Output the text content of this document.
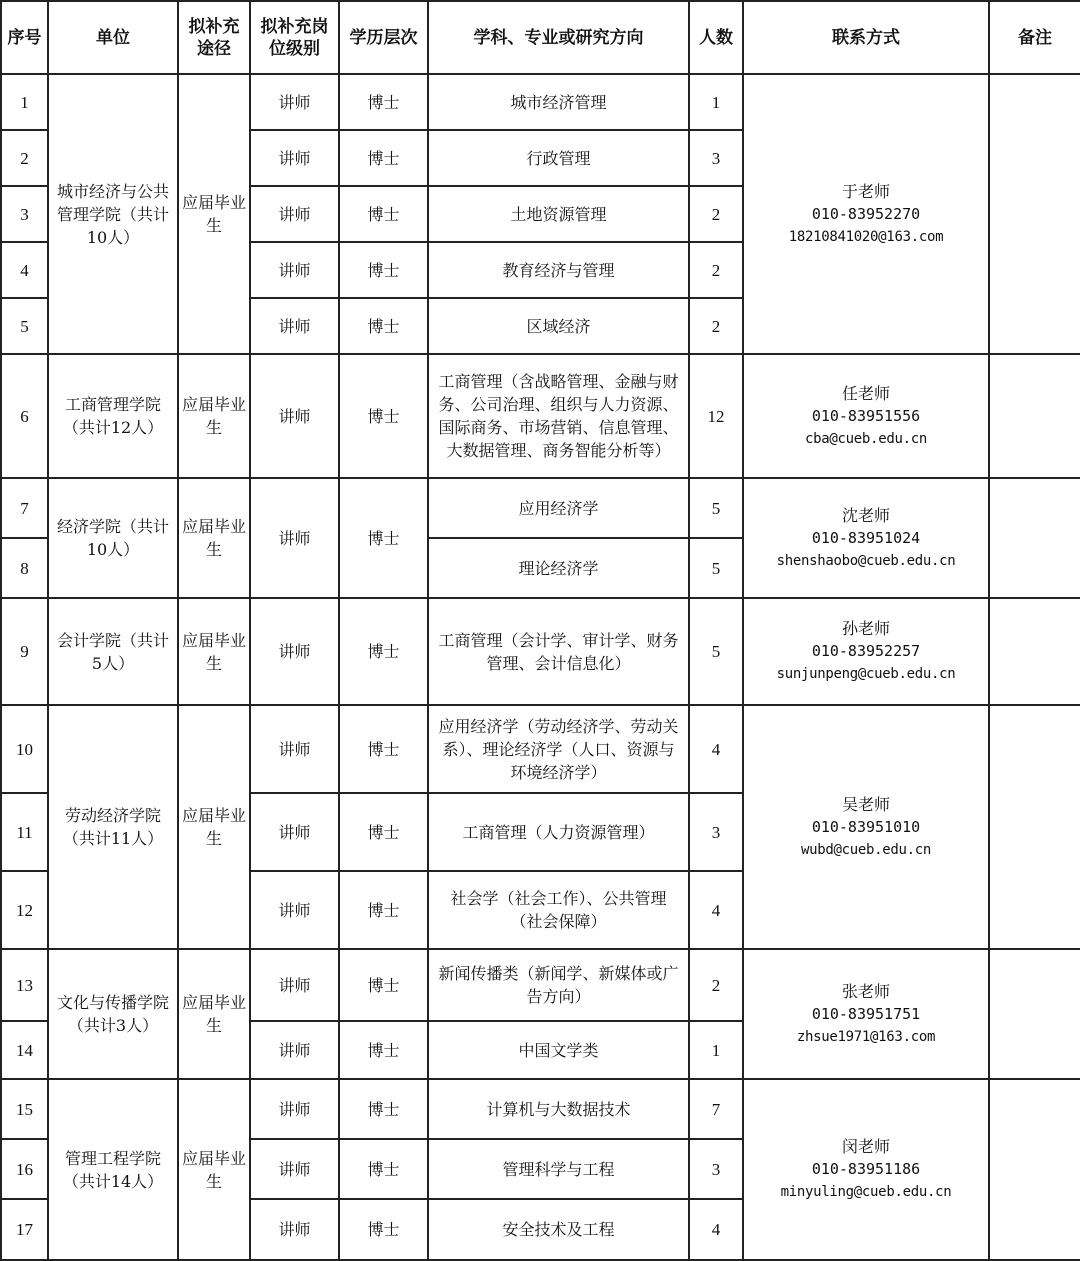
序号	单位	拟补充途径	拟补充岗位级别	学历层次	学科、专业或研究方向	人数	联系方式	备注
1	城市经济与公共管理学院（共计10人）	应届毕业生	讲师	博士	城市经济管理	1	于老师
010-83952270
18210841020@163.com	

2			讲师	博士	行政管理	3		
3			讲师	博士	土地资源管理	2		
4			讲师	博士	教育经济与管理	2		
5			讲师	博士	区域经济	2		
6	工商管理学院（共计12人）	应届毕业生	讲师	博士	工商管理（含战略管理、金融与财务、公司治理、组织与人力资源、国际商务、市场营销、信息管理、大数据管理、商务智能分析等）	12	任老师
010-83951556
cba@cueb.edu.cn	

7	经济学院（共计10人）	应届毕业生	讲师	博士	应用经济学	5	沈老师
010-83951024
shenshaobo@cueb.edu.cn	

8					理论经济学	5		
9	会计学院（共计5人）	应届毕业生	讲师	博士	工商管理（会计学、审计学、财务管理、会计信息化）	5	孙老师
010-83952257
sunjunpeng@cueb.edu.cn	

10	劳动经济学院（共计11人）	应届毕业生	讲师	博士	应用经济学（劳动经济学、劳动关系）、理论经济学（人口、资源与环境经济学）	4	吴老师
010-83951010
wubd@cueb.edu.cn	

11			讲师	博士	工商管理（人力资源管理）	3		
12			讲师	博士	社会学（社会工作）、公共管理（社会保障）	4		
13	文化与传播学院（共计3人）	应届毕业生	讲师	博士	新闻传播类（新闻学、新媒体或广告方向）	2	张老师
010-83951751
zhsue1971@163.com	

14			讲师	博士	中国文学类	1		
15	管理工程学院（共计14人）	应届毕业生	讲师	博士	计算机与大数据技术	7	闵老师
010-83951186
minyuling@cueb.edu.cn	

16			讲师	博士	管理科学与工程	3		
17			讲师	博士	安全技术及工程	4		
